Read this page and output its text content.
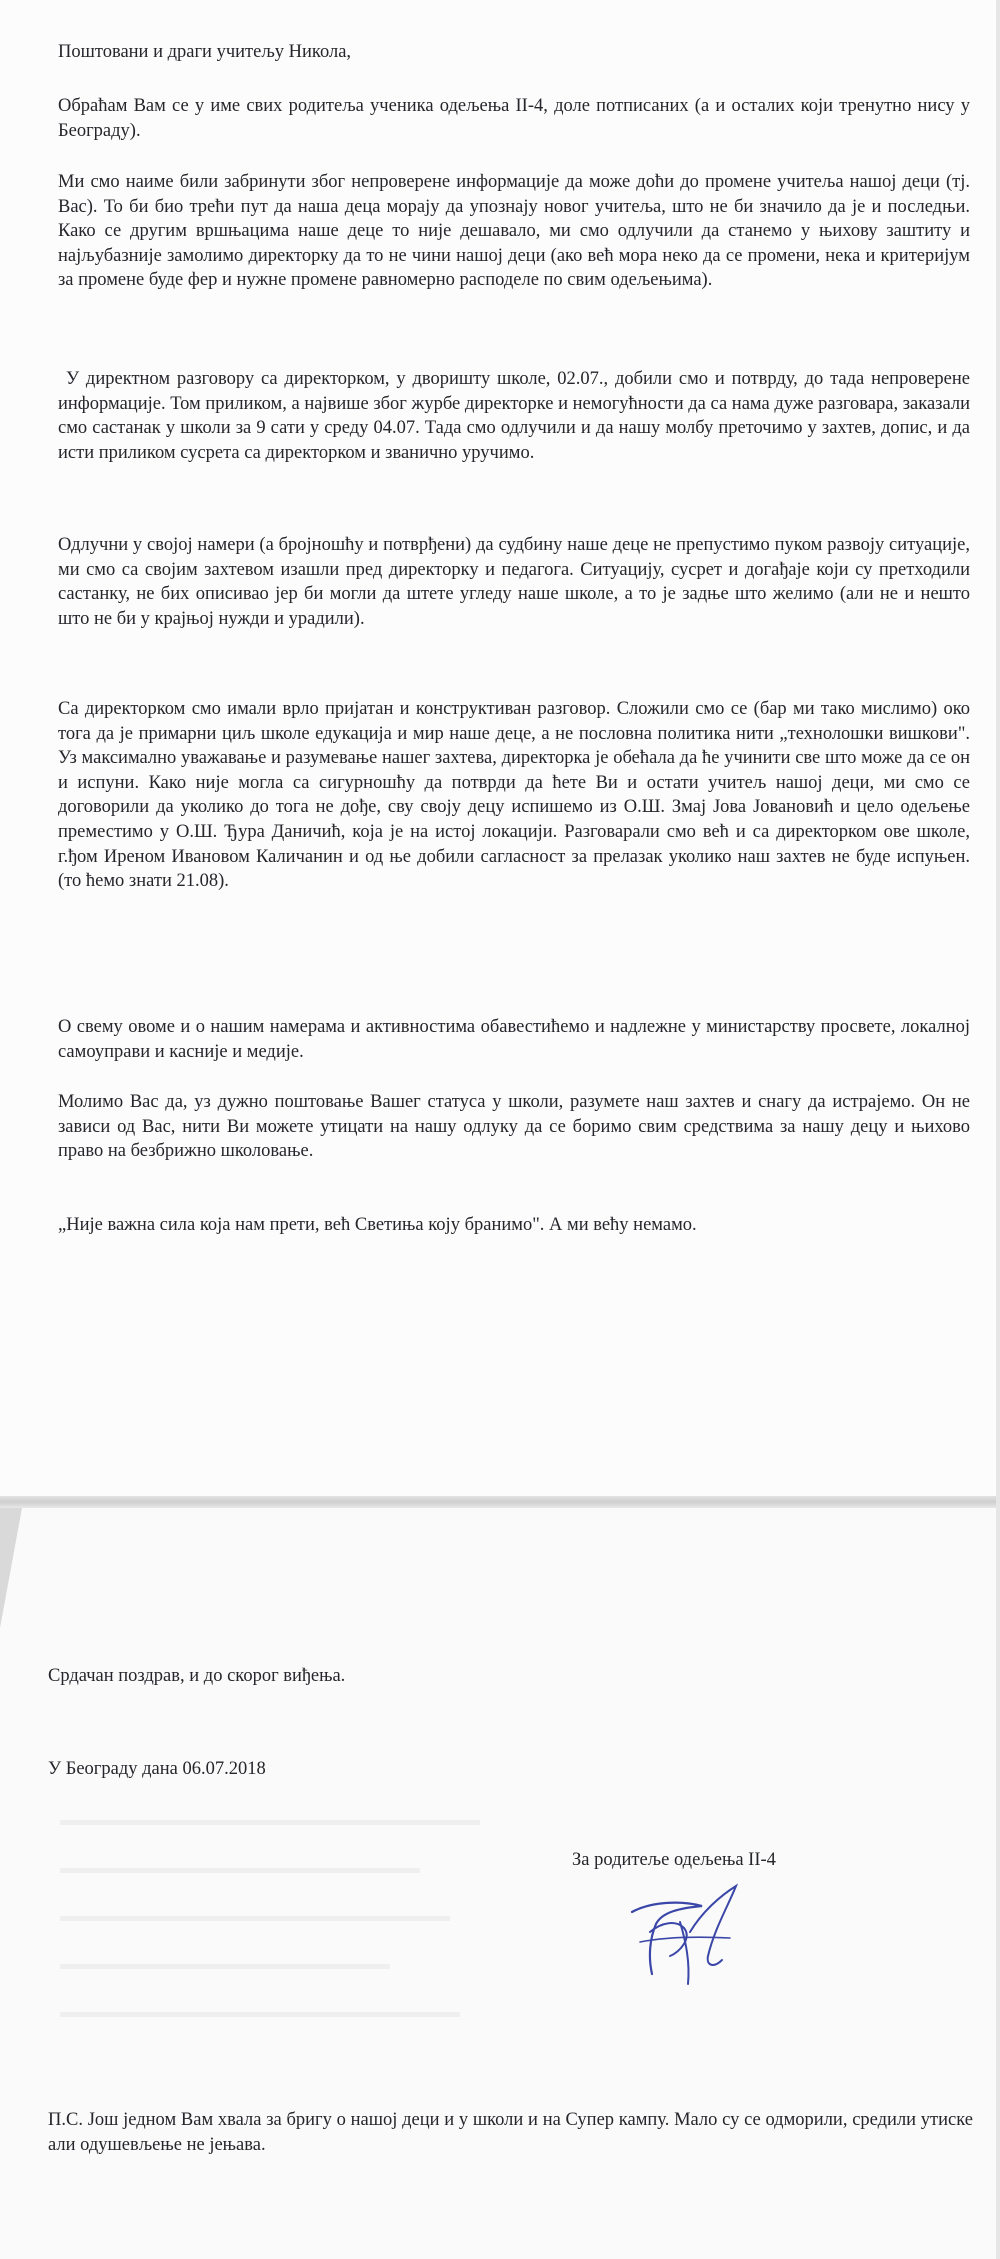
Поштовани и драги учитељу Никола,

Обраћам Вам се у име свих родитеља ученика одељења II-4, доле потписаних (а и осталих који тренутно нису у Београду).

Ми смо наиме били забринути због непроверене информације да може доћи до промене учитеља нашој деци (тј. Вас). То би био трећи пут да наша деца морају да упознају новог учитеља, што не би значило да је и последњи. Како се другим вршњацима наше деце то није дешавало, ми смо одлучили да станемо у њихову заштиту и најљубазније замолимо директорку да то не чини нашој деци (ако већ мора неко да се промени, нека и критеријум за промене буде фер и нужне промене равномерно расподеле по свим одељењима).

У директном разговору са директорком, у дворишту школе, 02.07., добили смо и потврду, до тада непроверене информације. Том приликом, а највише због журбе директорке и немогућности да са нама дуже разговара, заказали смо састанак у школи за 9 сати у среду 04.07. Тада смо одлучили и да нашу молбу преточимо у захтев, допис, и да исти приликом сусрета са директорком и званично уручимо.

Одлучни у својој намери (а бројношћу и потврђени) да судбину наше деце не препустимо пуком развоју ситуације, ми смо са својим захтевом изашли пред директорку и педагога. Ситуацију, сусрет и догађаје који су претходили састанку, не бих описивао јер би могли да штете угледу наше школе, а то је задње што желимо (али не и нешто што не би у крајњој нужди и урадили).

Са директорком смо имали врло пријатан и конструктиван разговор. Сложили смо се (бар ми тако мислимо) око тога да је примарни циљ школе едукација и мир наше деце, а не пословна политика нити „технолошки вишкови". Уз максимално уважавање и разумевање нашег захтева, директорка је обећала да ће учинити све што може да се он и испуни. Како није могла са сигурношћу да потврди да ћете Ви и остати учитељ нашој деци, ми смо се договорили да уколико до тога не дође, сву своју децу испишемо из О.Ш. Змај Јова Јовановић и цело одељење преместимо у О.Ш. Ђура Даничић, која је на истој локацији. Разговарали смо већ и са директорком ове школе, г.ђом Ирeном Ивановом Каличанин и од ње добили сагласност за прелазак уколико наш захтев не буде испуњен. (то ћемо знати 21.08).

О свему овоме и о нашим намерама и активностима обавестићемо и надлежне у министарству просвете, локалној самоуправи и касније и медије.

Молимо Вас да, уз дужно поштовање Вашег статуса у школи, разумете наш захтев и снагу да истрајемо. Он не зависи од Вас, нити Ви можете утицати на нашу одлуку да се боримо свим средствима за нашу децу и њихово право на безбрижно школовање.

„Није важна сила која нам прети, већ Светиња коју бранимо". А ми већу немамо.

Срдачан поздрав, и до скорог виђења.

У Београду дана 06.07.2018

За родитеље одељења II-4

П.С. Још једном Вам хвала за бригу о нашој деци и у школи и на Супер кампу. Мало су се одморили, средили утиске али одушевљење не јењава.
